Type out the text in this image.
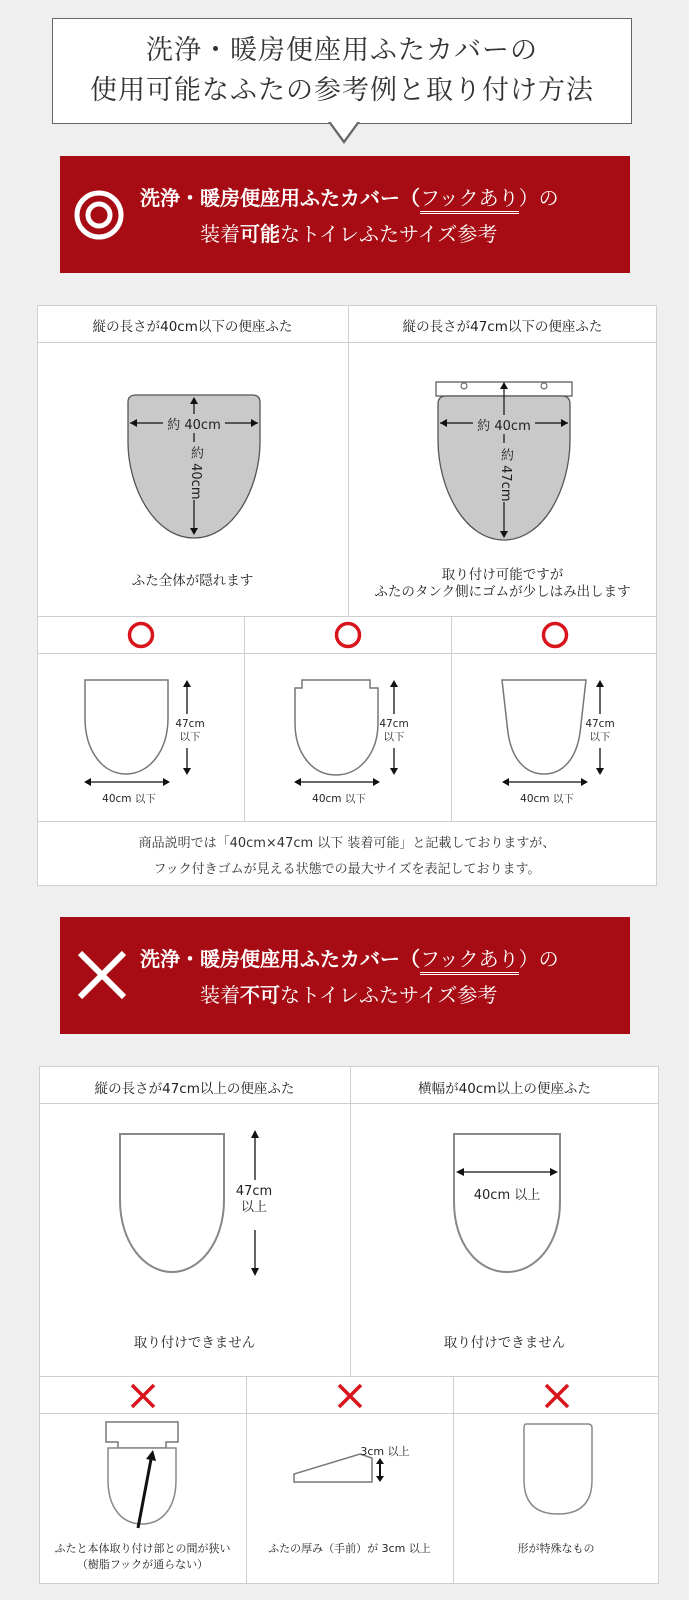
洗浄・暖房便座用ふたカバーの
使用可能なふたの参考例と取り付け方法
洗浄・暖房便座用ふたカバー（フックあり）の
装着可能なトイレふたサイズ参考
縦の長さが40cm以下の便座ふた	縦の長さが47cm以下の便座ふた
約 40cm
約 40cm
約 40cm
約 47cm
ふた全体が隠れます	取り付け可能ですが
ふたのタンク側にゴムが少しはみ出します
47cm
以下
47cm
以下
47cm
以下
40cm 以下	40cm 以下	40cm 以下
商品説明では「40cm×47cm 以下 装着可能」と記載しておりますが、
フック付きゴムが見える状態での最大サイズを表記しております。
洗浄・暖房便座用ふたカバー（フックあり）の
装着不可なトイレふたサイズ参考
縦の長さが47cm以上の便座ふた	横幅が40cm以上の便座ふた
47cm
以上
40cm 以上
取り付けできません	取り付けできません
3cm 以上
ふたと本体取り付け部との間が狭い
（樹脂フックが通らない）
ふたの厚み（手前）が 3cm 以上	形が特殊なもの
